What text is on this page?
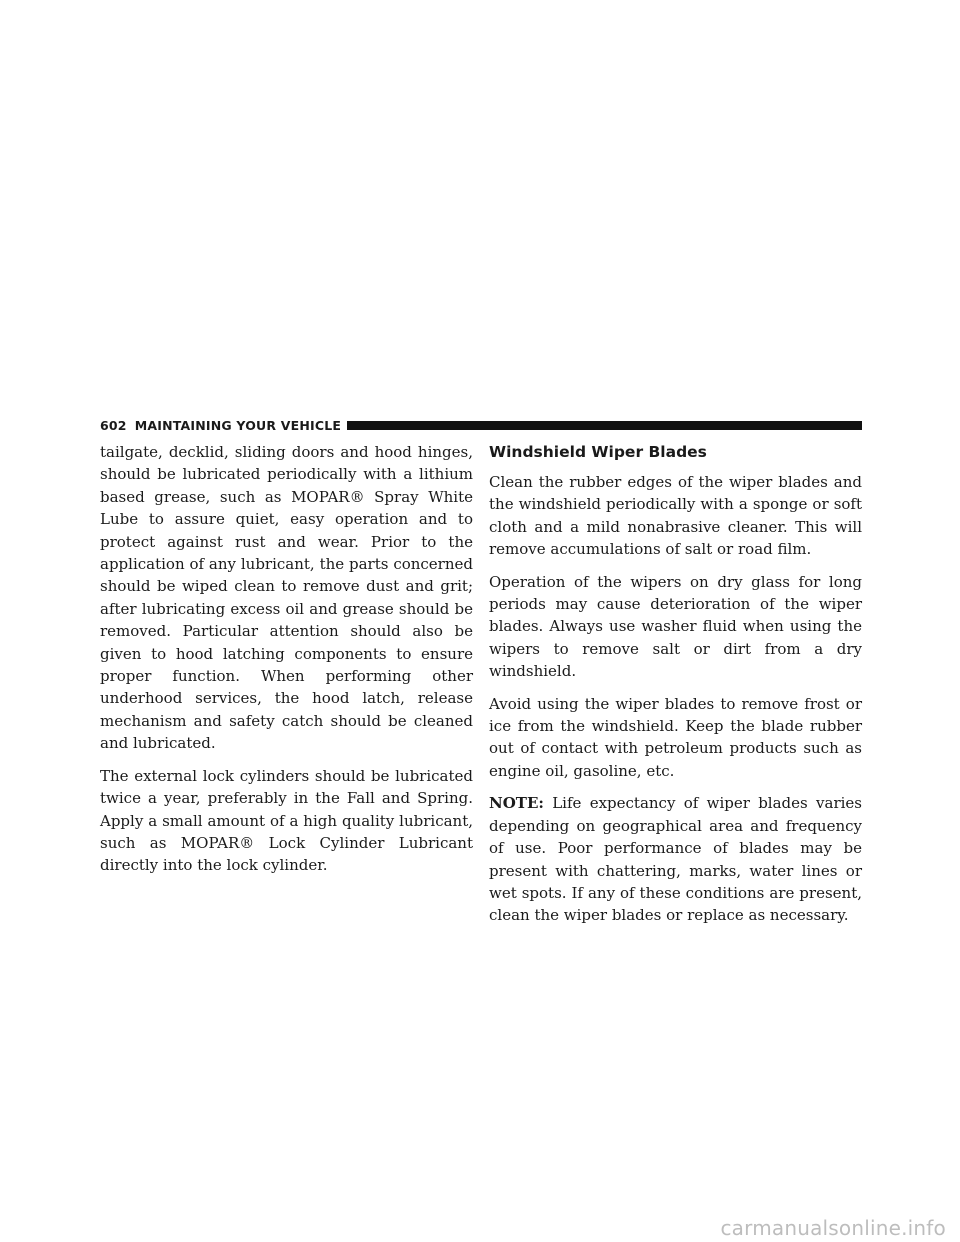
602 MAINTAINING YOUR VEHICLE

tailgate, decklid, sliding doors and hood hinges, should be lubricated periodically with a lithium based grease, such as MOPAR® Spray White Lube to assure quiet, easy operation and to protect against rust and wear. Prior to the application of any lubricant, the parts concerned should be wiped clean to remove dust and grit; after lubricating excess oil and grease should be removed. Particular attention should also be given to hood latching components to ensure proper function. When performing other underhood services, the hood latch, release mechanism and safety catch should be cleaned and lubricated.

The external lock cylinders should be lubricated twice a year, preferably in the Fall and Spring. Apply a small amount of a high quality lubricant, such as MOPAR® Lock Cylinder Lubricant directly into the lock cylinder.

Windshield Wiper Blades

Clean the rubber edges of the wiper blades and the windshield periodically with a sponge or soft cloth and a mild nonabrasive cleaner. This will remove accumulations of salt or road film.

Operation of the wipers on dry glass for long periods may cause deterioration of the wiper blades. Always use washer fluid when using the wipers to remove salt or dirt from a dry windshield.

Avoid using the wiper blades to remove frost or ice from the windshield. Keep the blade rubber out of contact with petroleum products such as engine oil, gasoline, etc.

NOTE: Life expectancy of wiper blades varies depending on geographical area and frequency of use. Poor performance of blades may be present with chattering, marks, water lines or wet spots. If any of these conditions are present, clean the wiper blades or replace as necessary.

carmanualsonline.info
